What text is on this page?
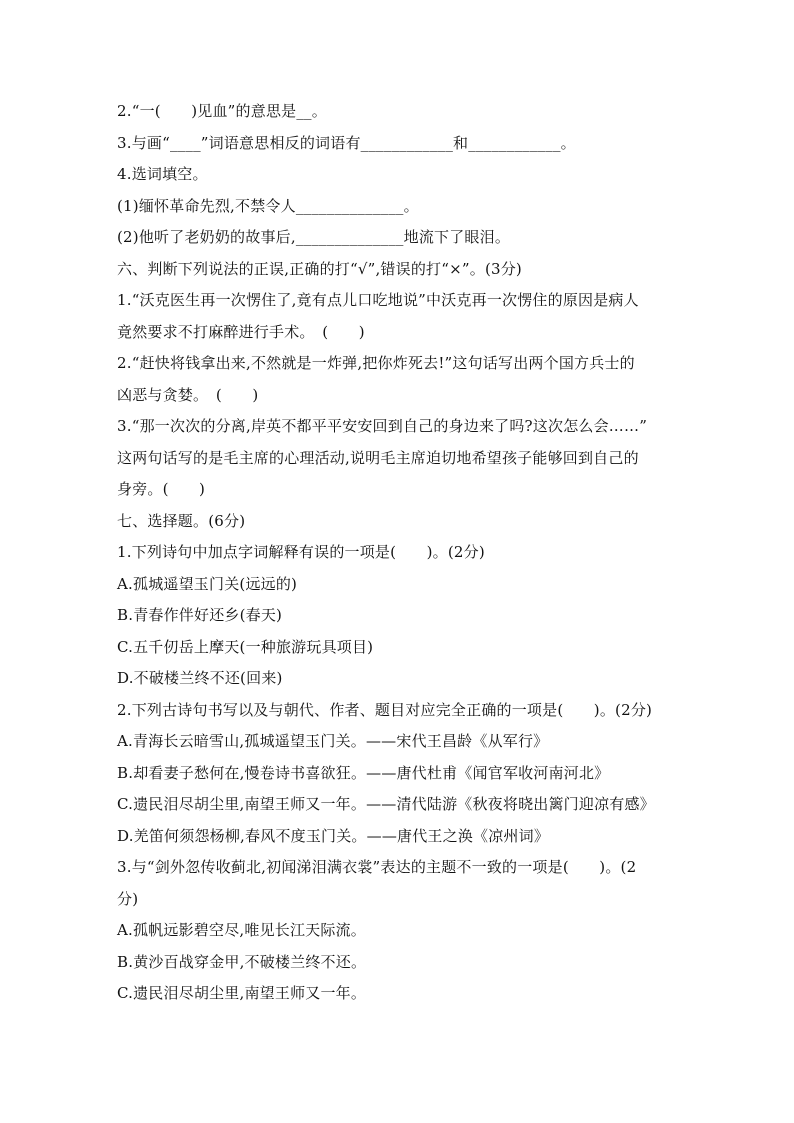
2.“一(　　)见血”的意思是__。
3.与画“____”词语意思相反的词语有____________和____________。
4.选词填空。
(1)缅怀革命先烈,不禁令人______________。
(2)他听了老奶奶的故事后,______________地流下了眼泪。
六、判断下列说法的正误,正确的打“√”,错误的打“×”。(3分)
1.“沃克医生再一次愣住了,竟有点儿口吃地说”中沃克再一次愣住的原因是病人
竟然要求不打麻醉进行手术。　(　　)
2.“赶快将钱拿出来,不然就是一炸弹,把你炸死去!”这句话写出两个国方兵士的
凶恶与贪婪。　(　　)
3.“那一次次的分离,岸英不都平平安安回到自己的身边来了吗?这次怎么会……”
这两句话写的是毛主席的心理活动,说明毛主席迫切地希望孩子能够回到自己的
身旁。(　　)
七、选择题。(6分)
1.下列诗句中加点字词解释有误的一项是(　　)。(2分)
A.孤城遥望玉门关(远远的)
B.青春作伴好还乡(春天)
C.五千仞岳上摩天(一种旅游玩具项目)
D.不破楼兰终不还(回来)
2.下列古诗句书写以及与朝代、作者、题目对应完全正确的一项是(　　)。(2分)
A.青海长云暗雪山,孤城遥望玉门关。——宋代王昌龄《从军行》
B.却看妻子愁何在,慢卷诗书喜欲狂。——唐代杜甫《闻官军收河南河北》
C.遗民泪尽胡尘里,南望王师又一年。——清代陆游《秋夜将晓出篱门迎凉有感》
D.羌笛何须怨杨柳,春风不度玉门关。——唐代王之涣《凉州词》
3.与“剑外忽传收蓟北,初闻涕泪满衣裳”表达的主题不一致的一项是(　　)。(2
分)
A.孤帆远影碧空尽,唯见长江天际流。
B.黄沙百战穿金甲,不破楼兰终不还。
C.遗民泪尽胡尘里,南望王师又一年。
